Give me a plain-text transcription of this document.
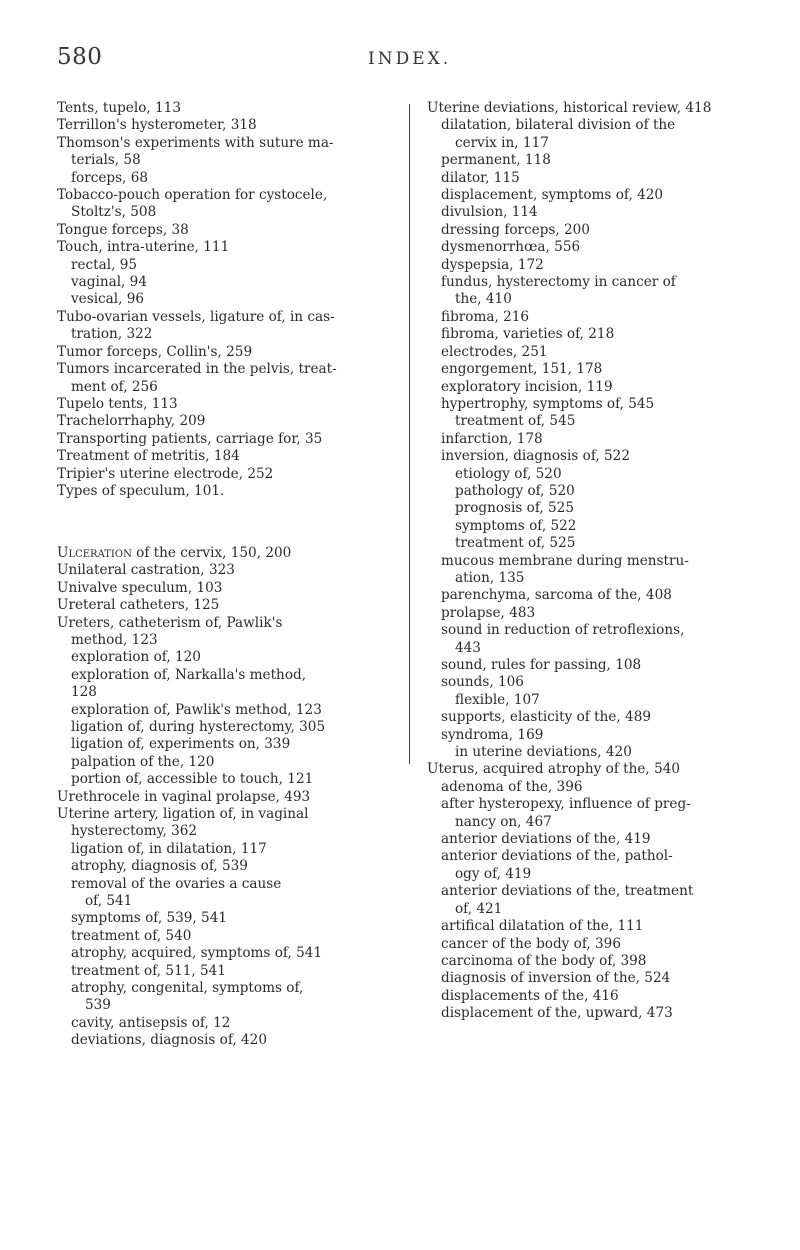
580	INDEX.

Tents, tupelo, 113

Terrillon's hysterometer, 318

Thomson's experiments with suture ma-

terials, 58

forceps, 68

Tobacco-pouch operation for cystocele,

Stoltz's, 508

Tongue forceps, 38

Touch, intra-uterine, 111

rectal, 95

vaginal, 94

vesical, 96

Tubo-ovarian vessels, ligature of, in cas-

tration, 322

Tumor forceps, Collin's, 259

Tumors incarcerated in the pelvis, treat-

ment of, 256

Tupelo tents, 113

Trachelorrhaphy, 209

Transporting patients, carriage for, 35

Treatment of metritis, 184

Tripier's uterine electrode, 252

Types of speculum, 101.

Ulceration of the cervix, 150, 200

Unilateral castration, 323

Univalve speculum, 103

Ureteral catheters, 125

Ureters, catheterism of, Pawlik's

method, 123

exploration of, 120

exploration of, Narkalla's method,

128

exploration of, Pawlik's method, 123

ligation of, during hysterectomy, 305

ligation of, experiments on, 339

palpation of the, 120

portion of, accessible to touch, 121

Urethrocele in vaginal prolapse, 493

Uterine artery, ligation of, in vaginal

hysterectomy, 362

ligation of, in dilatation, 117

atrophy, diagnosis of, 539

removal of the ovaries a cause

of, 541

symptoms of, 539, 541

treatment of, 540

atrophy, acquired, symptoms of, 541

treatment of, 511, 541

atrophy, congenital, symptoms of,

539

cavity, antisepsis of, 12

deviations, diagnosis of, 420

Uterine deviations, historical review, 418

dilatation, bilateral division of the

cervix in, 117

permanent, 118

dilator, 115

displacement, symptoms of, 420

divulsion, 114

dressing forceps, 200

dysmenorrhœa, 556

dyspepsia, 172

fundus, hysterectomy in cancer of

the, 410

fibroma, 216

fibroma, varieties of, 218

electrodes, 251

engorgement, 151, 178

exploratory incision, 119

hypertrophy, symptoms of, 545

treatment of, 545

infarction, 178

inversion, diagnosis of, 522

etiology of, 520

pathology of, 520

prognosis of, 525

symptoms of, 522

treatment of, 525

mucous membrane during menstru-

ation, 135

parenchyma, sarcoma of the, 408

prolapse, 483

sound in reduction of retroflexions,

443

sound, rules for passing, 108

sounds, 106

flexible, 107

supports, elasticity of the, 489

syndroma, 169

in uterine deviations, 420

Uterus, acquired atrophy of the, 540

adenoma of the, 396

after hysteropexy, influence of preg-

nancy on, 467

anterior deviations of the, 419

anterior deviations of the, pathol-

ogy of, 419

anterior deviations of the, treatment

of, 421

artifical dilatation of the, 111

cancer of the body of, 396

carcinoma of the body of, 398

diagnosis of inversion of the, 524

displacements of the, 416

displacement of the, upward, 473
